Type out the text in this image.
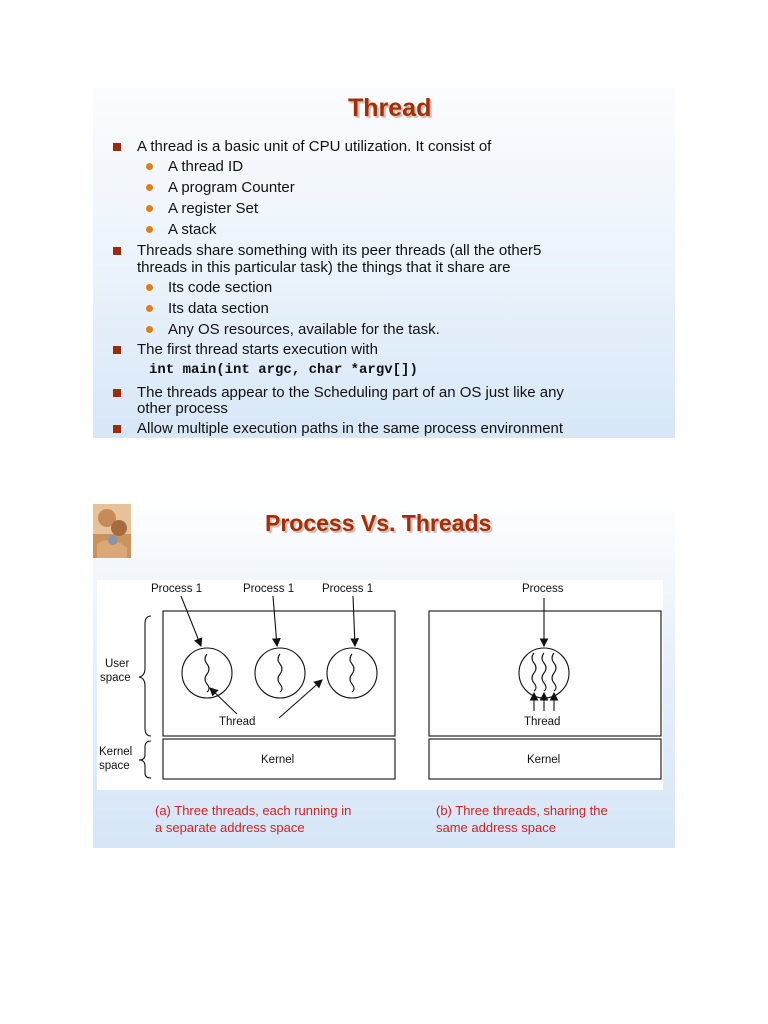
Thread
A thread is a basic unit of CPU utilization. It consist of
A thread ID
A program Counter
A register Set
A stack
Threads share something with its peer threads (all the other5
threads in this particular task) the things that it share are
Its code section
Its data section
Any OS resources, available for the task.
The first thread starts execution with
int main(int argc, char *argv[])
The threads appear to the Scheduling part of an OS just like any
other process
Allow multiple execution paths in the same process environment
Process Vs. Threads
Process 1	Process 1 Process 1	Process
User
space
Kernel
space
Thread	Thread
Kernel	Kernel
(a) Three threads, each running in
a separate address space
(b) Three threads, sharing the
same address space
